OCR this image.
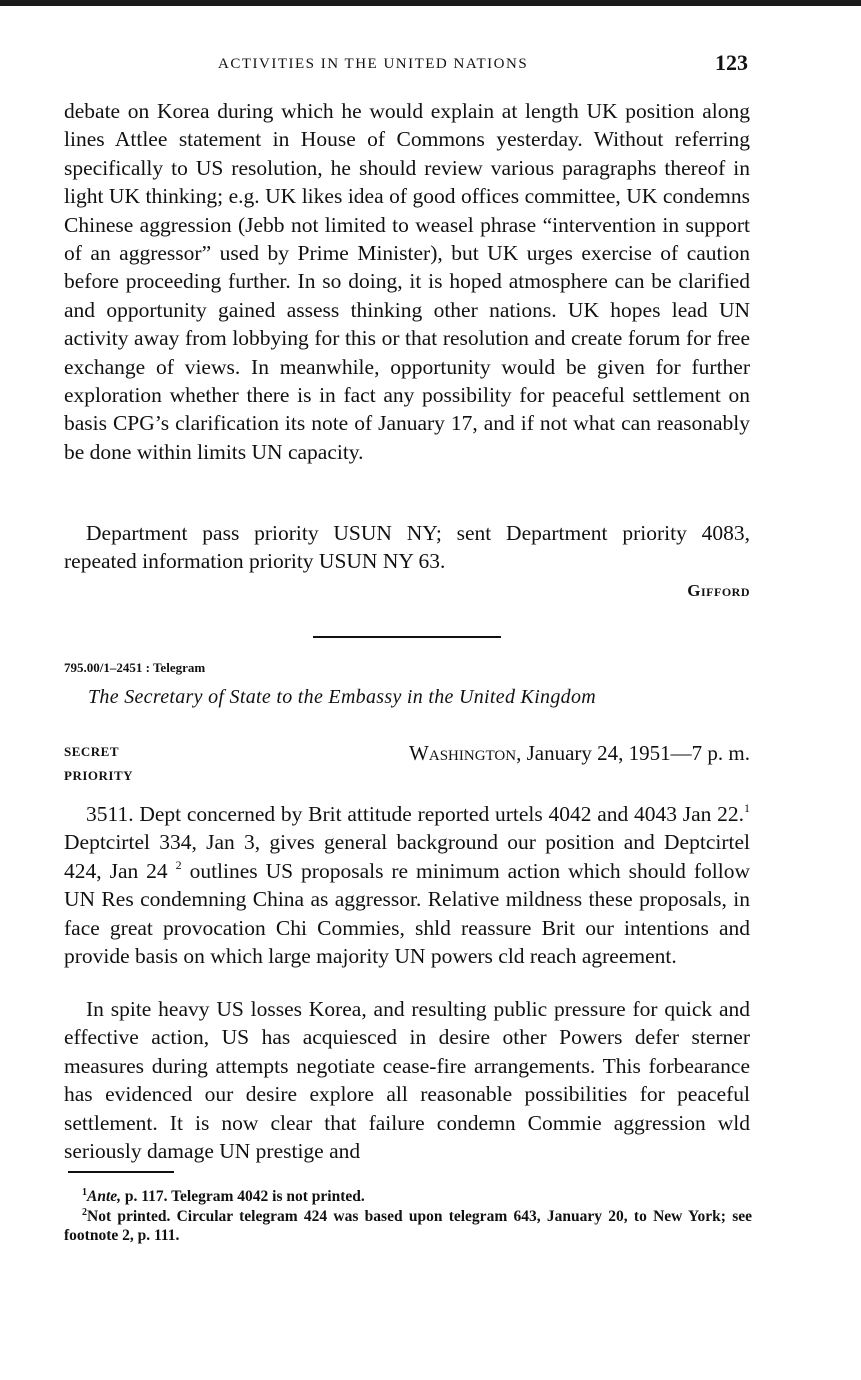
ACTIVITIES IN THE UNITED NATIONS	123

debate on Korea during which he would explain at length UK position along lines Attlee statement in House of Commons yesterday. Without referring specifically to US resolution, he should review various paragraphs thereof in light UK thinking; e.g. UK likes idea of good offices committee, UK condemns Chinese aggression (Jebb not limited to weasel phrase “intervention in support of an aggressor” used by Prime Minister), but UK urges exercise of caution before proceeding further. In so doing, it is hoped atmosphere can be clarified and opportunity gained assess thinking other nations. UK hopes lead UN activity away from lobbying for this or that resolution and create forum for free exchange of views. In meanwhile, opportunity would be given for further exploration whether there is in fact any possibility for peaceful settlement on basis CPG’s clarification its note of January 17, and if not what can reasonably be done within limits UN capacity.

Department pass priority USUN NY; sent Department priority 4083, repeated information priority USUN NY 63.

Gifford
795.00/1–2451 : Telegram
The Secretary of State to the Embassy in the United Kingdom
SECRET
PRIORITY
Washington, January 24, 1951—7 p. m.

3511. Dept concerned by Brit attitude reported urtels 4042 and 4043 Jan 22.$^1$ Deptcirtel 334, Jan 3, gives general background our position and Deptcirtel 424, Jan 24 $^2$ outlines US proposals re minimum action which should follow UN Res condemning China as aggressor. Relative mildness these proposals, in face great provocation Chi Commies, shld reassure Brit our intentions and provide basis on which large majority UN powers cld reach agreement.

In spite heavy US losses Korea, and resulting public pressure for quick and effective action, US has acquiesced in desire other Powers defer sterner measures during attempts negotiate cease-fire arrangements. This forbearance has evidenced our desire explore all reasonable possibilities for peaceful settlement. It is now clear that failure condemn Commie aggression wld seriously damage UN prestige and

$^1$Ante, p. 117. Telegram 4042 is not printed.

$^2$Not printed. Circular telegram 424 was based upon telegram 643, January 20, to New York; see footnote 2, p. 111.
